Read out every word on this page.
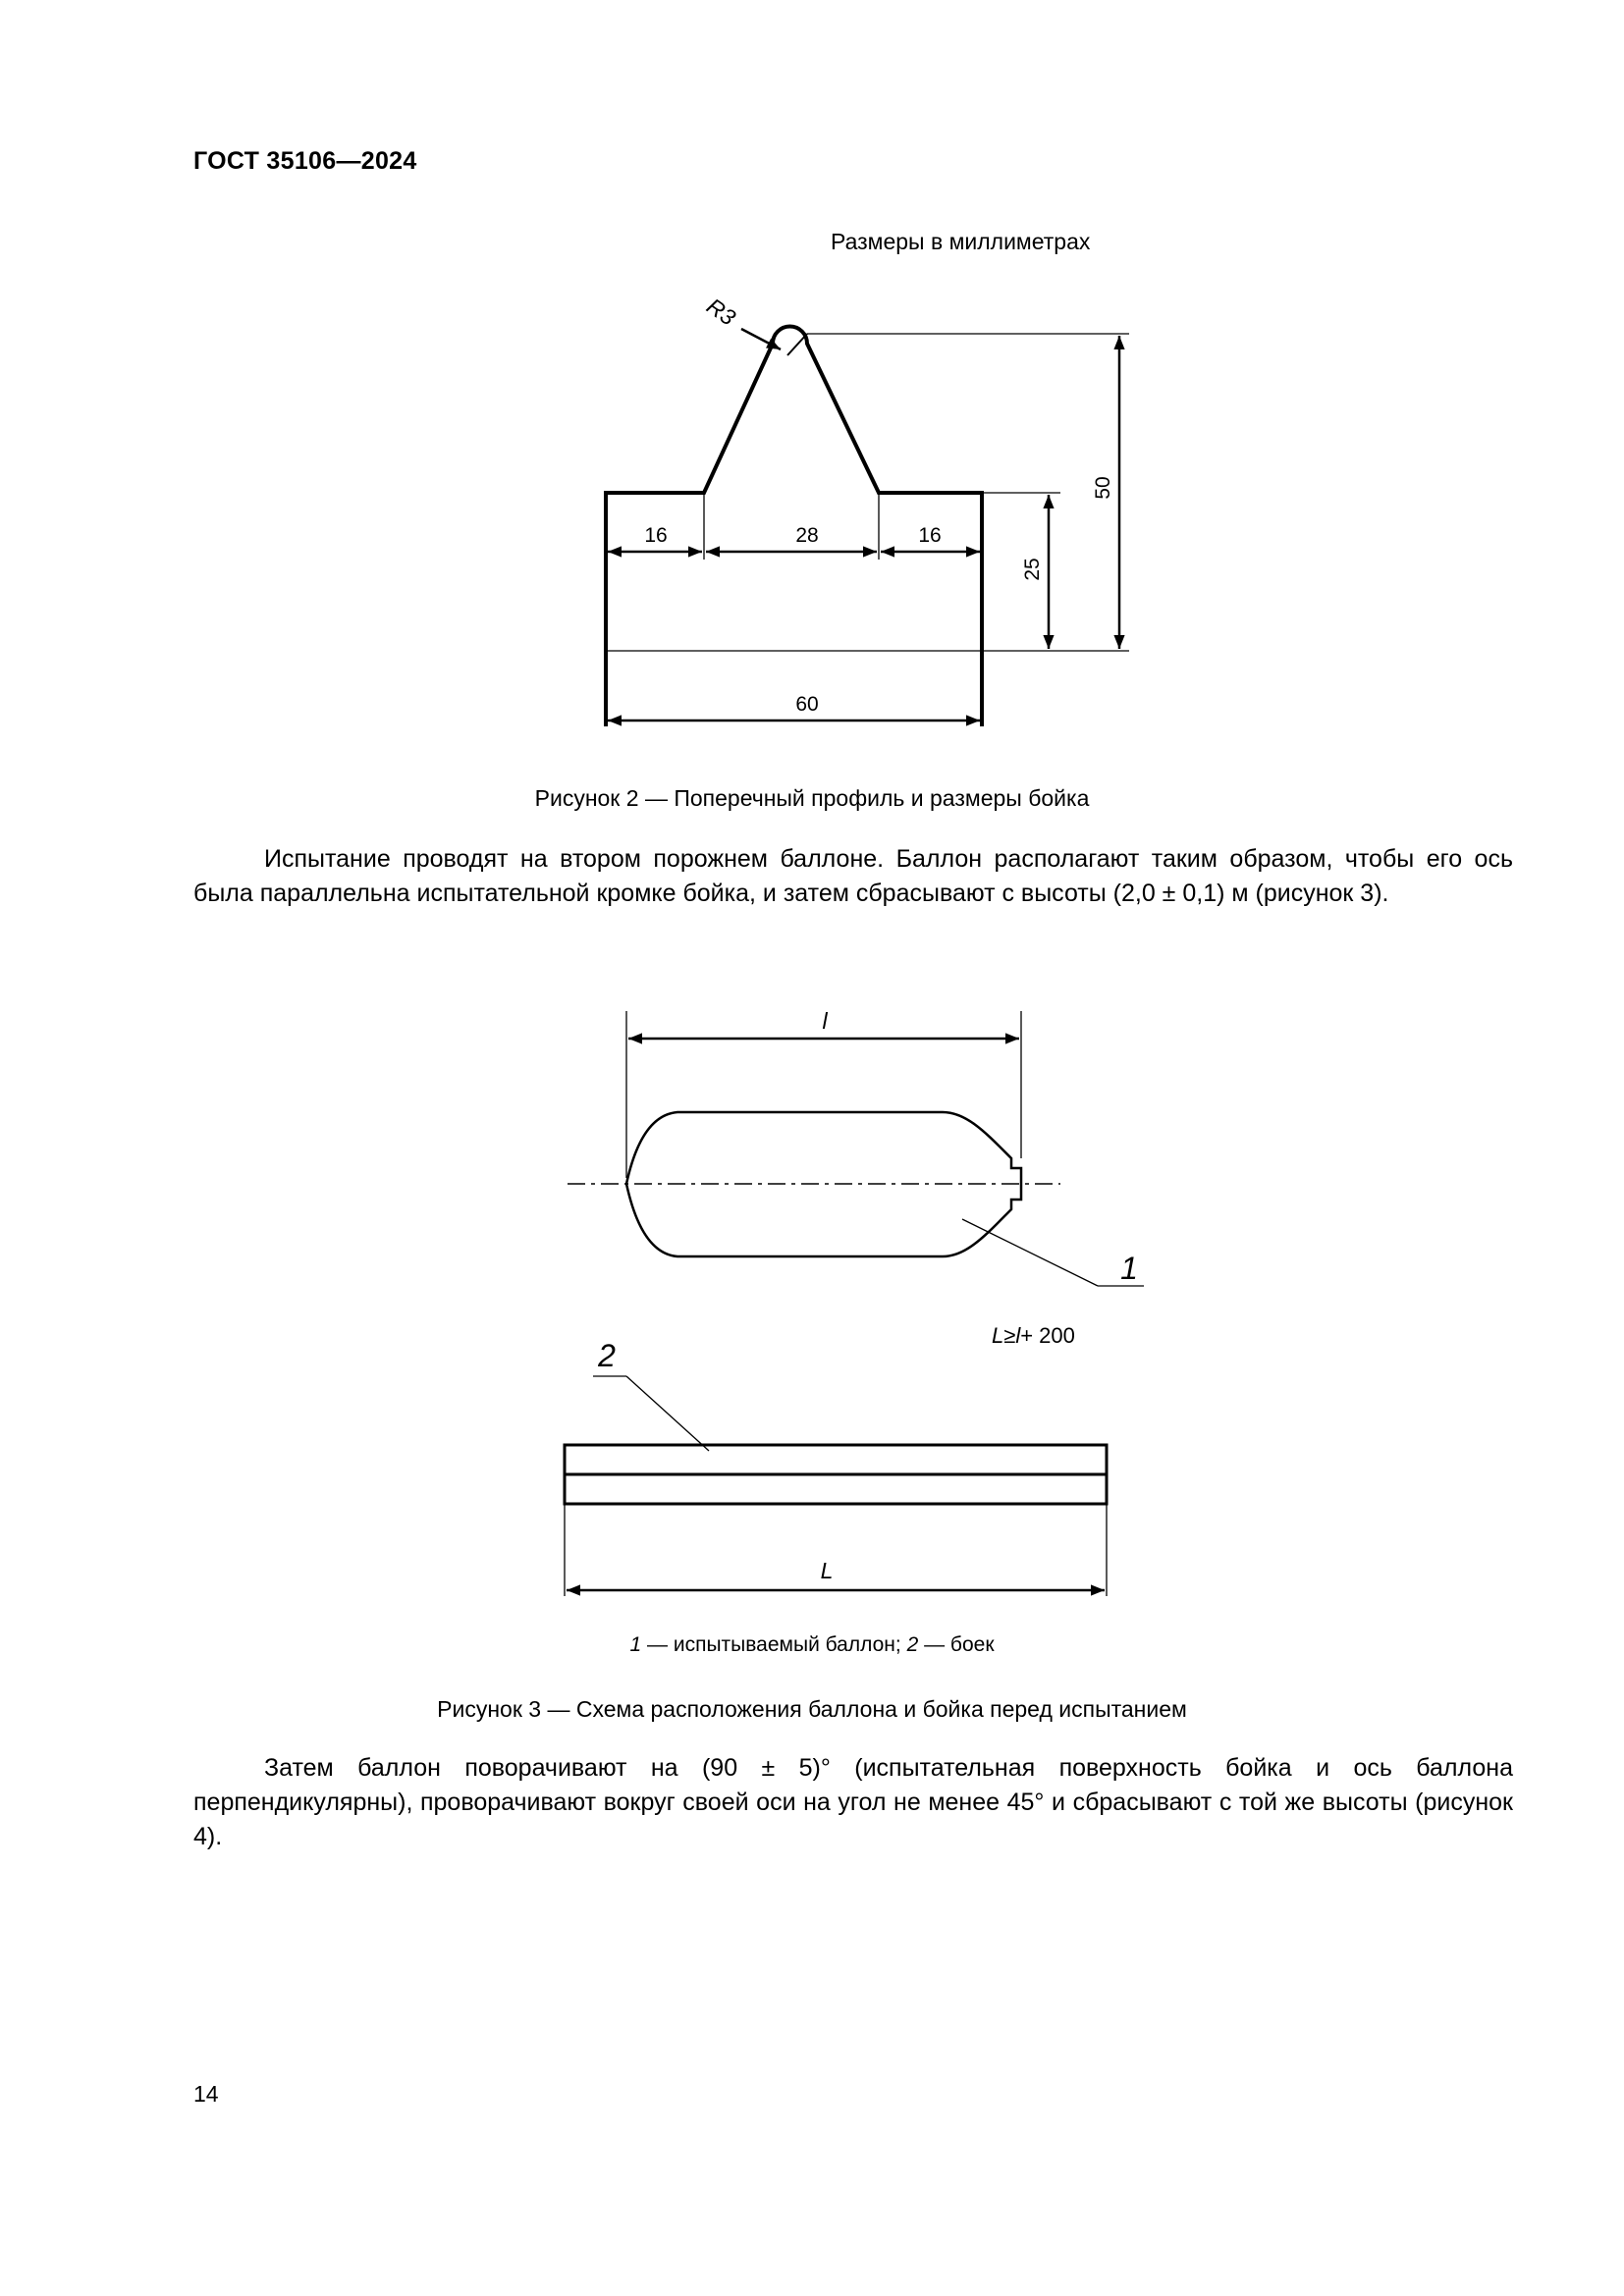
ГОСТ 35106—2024
Размеры в миллиметрах
16	28	16
60
25
50
R3
Рисунок 2 — Поперечный профиль и размеры бойка

Испытание проводят на втором порожнем баллоне. Баллон располагают таким образом, чтобы его ось была параллельна испытательной кромке бойка, и затем сбрасывают с высоты (2,0 ± 0,1) м (рисунок 3).

l
1
L≥l+ 200
2
L
1 — испытываемый баллон; 2 — боек
Рисунок 3 — Схема расположения баллона и бойка перед испытанием

Затем баллон поворачивают на (90 ± 5)° (испытательная поверхность бойка и ось баллона перпендикулярны), проворачивают вокруг своей оси на угол не менее 45° и сбрасывают с той же высоты (рисунок 4).

14
